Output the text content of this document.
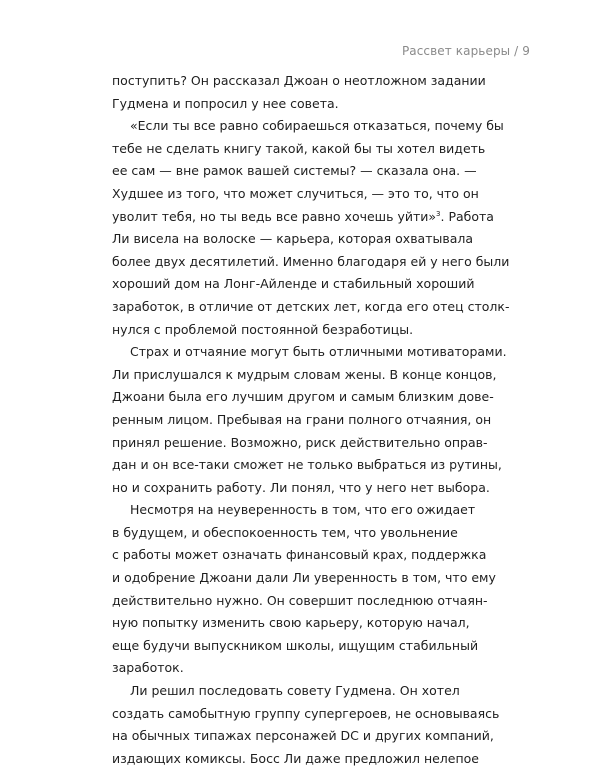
Рассвет карьеры / 9
поступить? Он рассказал Джоан о неотложном задании
Гудмена и попросил у нее совета.
«Если ты все равно собираешься отказаться, почему бы
тебе не сделать книгу такой, какой бы ты хотел видеть
ее сам — вне рамок вашей системы? — сказала она. —
Худшее из того, что может случиться, — это то, что он
уволит тебя, но ты ведь все равно хочешь уйти»$^3$. Работа
Ли висела на волоске — карьера, которая охватывала
более двух десятилетий. Именно благодаря ей у него были
хороший дом на Лонг-Айленде и стабильный хороший
заработок, в отличие от детских лет, когда его отец столк-
нулся с проблемой постоянной безработицы.
Страх и отчаяние могут быть отличными мотиваторами.
Ли прислушался к мудрым словам жены. В конце концов,
Джоани была его лучшим другом и самым близким дове-
ренным лицом. Пребывая на грани полного отчаяния, он
принял решение. Возможно, риск действительно оправ-
дан и он все-таки сможет не только выбраться из рутины,
но и сохранить работу. Ли понял, что у него нет выбора.
Несмотря на неуверенность в том, что его ожидает
в будущем, и обеспокоенность тем, что увольнение
с работы может означать финансовый крах, поддержка
и одобрение Джоани дали Ли уверенность в том, что ему
действительно нужно. Он совершит последнюю отчаян-
ную попытку изменить свою карьеру, которую начал,
еще будучи выпускником школы, ищущим стабильный
заработок.
Ли решил последовать совету Гудмена. Он хотел
создать самобытную группу супергероев, не основываясь
на обычных типажах персонажей DC и других компаний,
издающих комиксы. Босс Ли даже предложил нелепое
